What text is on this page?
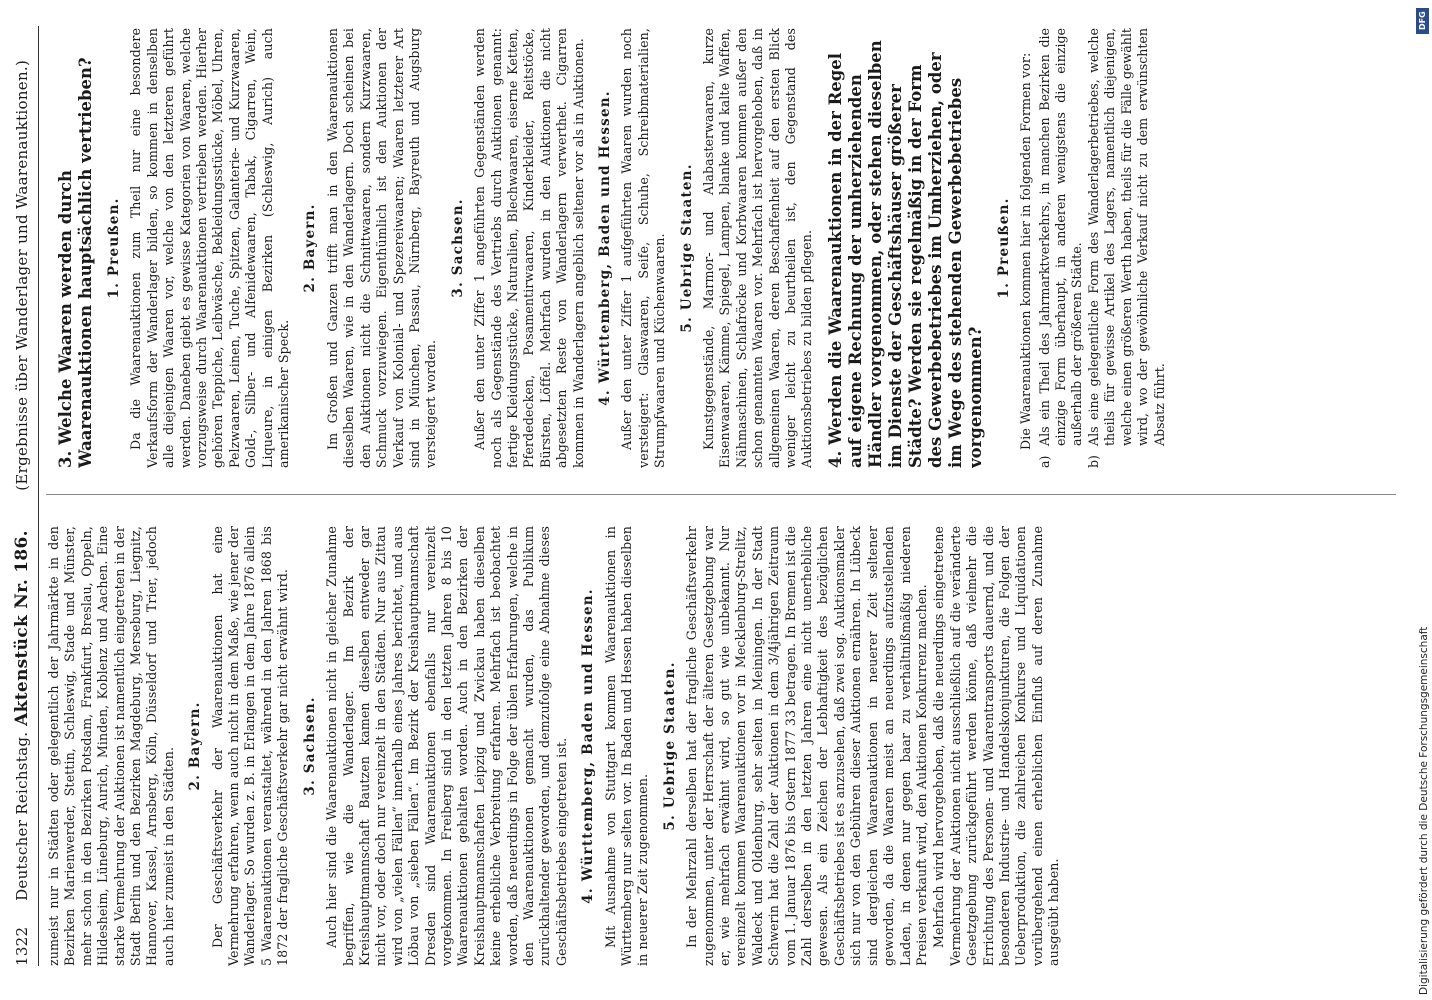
1322 Deutscher Reichstag. Aktenstück Nr. 186. (Ergebnisse über Wanderlager und Waarenauktionen.)

zumeist nur in Städten oder gelegentlich der Jahrmärkte in den Bezirken Marienwerder, Stettin, Schleswig, Stade und Münster, mehr schon in den Bezirken Potsdam, Frankfurt, Breslau, Oppeln, Hildesheim, Lüneburg, Aurich, Minden, Koblenz und Aachen. Eine starke Vermehrung der Auktionen ist namentlich eingetreten in der Stadt Berlin und den Bezirken Magdeburg, Merseburg, Liegnitz, Hannover, Kassel, Arnsberg, Köln, Düsseldorf und Trier, jedoch auch hier zumeist in den Städten.

2. Bayern. Der Geschäftsverkehr der Waarenauktionen hat eine Vermehrung erfahren, wenn auch nicht in dem Maße, wie jener der Wanderlager. So wurden z. B. in Erlangen in dem Jahre 1876 allein 5 Waarenauktionen veranstaltet, während in den Jahren 1868 bis 1872 der fragliche Geschäftsverkehr gar nicht erwähnt wird. 3. Sachsen. Auch hier sind die Waarenauktionen nicht in gleicher Zunahme begriffen, wie die Wanderlager. Im Bezirk der Kreishauptmannschaft Bautzen kamen dieselben entweder gar nicht vor, oder doch nur vereinzelt in den Städten. Nur aus Zittau wird von „vielen Fällen“ innerhalb eines Jahres berichtet, und aus Löbau von „sieben Fällen“. Im Bezirk der Kreishauptmannschaft Dresden sind Waarenauktionen ebenfalls nur vereinzelt vorgekommen. In Freiberg sind in den letzten Jahren 8 bis 10 Waarenauktionen gehalten worden. Auch in den Bezirken der Kreishauptmannschaften Leipzig und Zwickau haben dieselben keine erhebliche Verbreitung erfahren. Mehrfach ist beobachtet worden, daß neuerdings in Folge der üblen Erfahrungen, welche in den Waarenauktionen gemacht wurden, das Publikum zurückhaltender geworden, und demzufolge eine Abnahme dieses Geschäftsbetriebes eingetreten ist. 4. Württemberg, Baden und Hessen. Mit Ausnahme von Stuttgart kommen Waarenauktionen in Württemberg nur selten vor. In Baden und Hessen haben dieselben in neuerer Zeit zugenommen.

5. Uebrige Staaten. In der Mehrzahl derselben hat der fragliche Geschäftsverkehr zugenommen, unter der Herrschaft der älteren Gesetzgebung war er, wie mehrfach erwähnt wird, so gut wie unbekannt. Nur vereinzelt kommen Waarenauktionen vor in Mecklenburg-Strelitz, Waldeck und Oldenburg, sehr selten in Meiningen. In der Stadt Schwerin hat die Zahl der Auktionen in dem 3/4jährigen Zeitraum vom 1. Januar 1876 bis Ostern 1877 33 betragen. In Bremen ist die Zahl derselben in den letzten Jahren eine nicht unerhebliche gewesen. Als ein Zeichen der Lebhaftigkeit des bezüglichen Geschäftsbetriebes ist es anzusehen, daß zwei sog. Auktionsmakler sich nur von den Gebühren dieser Auktionen ernähren. In Lübeck sind dergleichen Waarenauktionen in neuerer Zeit seltener geworden, da die Waaren meist an neuerdings aufzustellenden Laden, in denen nur gegen baar zu verhältnißmäßig niederen Preisen verkauft wird, den Auktionen Konkurrenz machen. Mehrfach wird hervorgehoben, daß die neuerdings eingetretene Vermehrung der Auktionen nicht ausschließlich auf die veränderte Gesetzgebung zurückgeführt werden könne, daß vielmehr die Errichtung des Personen- und Waarentransports dauernd, und die besonderen Industrie- und Handelskonjunkturen, die Folgen der Ueberproduktion, die zahlreichen Konkurse und Liquidationen vorübergehend einen erheblichen Einfluß auf deren Zunahme ausgeübt haben.

3. Welche Waaren werden durch Waarenauktionen hauptsächlich vertrieben? 1. Preußen. Da die Waarenauktionen zum Theil nur eine besondere Verkaufsform der Wanderlager bilden, so kommen in denselben alle diejenigen Waaren vor, welche von den letzteren geführt werden. Daneben giebt es gewisse Kategorien von Waaren, welche vorzugsweise durch Waarenauktionen vertrieben werden. Hierher gehören Teppiche, Leibwäsche, Bekleidungsstücke, Möbel, Uhren, Pelzwaaren, Leinen, Tuche, Spitzen, Galanterie- und Kurzwaaren, Gold-, Silber- und Alfenidewaaren, Tabak, Cigarren, Wein, Liqueure, in einigen Bezirken (Schleswig, Aurich) auch amerikanischer Speck.

2. Bayern. Im Großen und Ganzen trifft man in den Waarenauktionen dieselben Waaren, wie in den Wanderlagern. Doch scheinen bei den Auktionen nicht die Schnittwaaren, sondern Kurzwaaren, Schmuck vorzuwiegen. Eigenthümlich ist den Auktionen der Verkauf von Kolonial- und Spezereiwaaren; Waaren letzterer Art sind in München, Passau, Nürnberg, Bayreuth und Augsburg versteigert worden.

3. Sachsen. Außer den unter Ziffer 1 angeführten Gegenständen werden noch als Gegenstände des Vertriebs durch Auktionen genannt: fertige Kleidungsstücke, Naturalien, Blechwaaren, eiserne Ketten, Pferdedecken, Posamentirwaaren, Kinderkleider, Reitstöcke, Bürsten, Löffel. Mehrfach wurden in den Auktionen die nicht abgesetzten Reste von Wanderlagern verwerthet. Cigarren kommen in Wanderlagern angeblich seltener vor als in Auktionen. 4. Württemberg, Baden und Hessen. Außer den unter Ziffer 1 aufgeführten Waaren wurden noch versteigert: Glaswaaren, Seife, Schuhe, Schreibmaterialien, Strumpfwaaren und Küchenwaaren. 5. Uebrige Staaten. Kunstgegenstände, Marmor- und Alabasterwaaren, kurze Eisenwaaren, Kämme, Spiegel, Lampen, blanke und kalte Waffen, Nähmaschinen, Schlafröcke und Korbwaaren kommen außer den schon genannten Waaren vor. Mehrfach ist hervorgehoben, daß in allgemeinen Waaren, deren Beschaffenheit auf den ersten Blick weniger leicht zu beurtheilen ist, den Gegenstand des Auktionsbetriebes zu bilden pflegen. 4. Werden die Waarenauktionen in der Regel auf eigene Rechnung der umherziehenden Händler vorgenommen, oder stehen dieselben im Dienste der Geschäftshäuser größerer Städte? Werden sie regelmäßig in der Form des Gewerbebetriebes im Umherziehen, oder im Wege des stehenden Gewerbebetriebes vorgenommen?
1. Preußen. Die Waarenauktionen kommen hier in folgenden Formen vor:

a)
Als ein Theil des Jahrmarktverkehrs, in manchen Bezirken die einzige Form überhaupt, in anderen wenigstens die einzige außerhalb der größeren Städte.
b)
Als eine gelegentliche Form des Wanderlagerbetriebes, welche theils für gewisse Artikel des Lagers, namentlich diejenigen, welche einen größeren Werth haben, theils für die Fälle gewählt wird, wo der gewöhnliche Verkauf nicht zu dem erwünschten Absatz führt.
DFG
Digitalisierung gefördert durch die Deutsche Forschungsgemeinschaft
